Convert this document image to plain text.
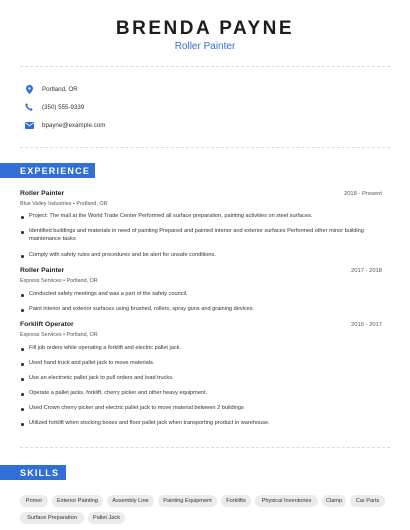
BRENDA PAYNE
Roller Painter
Portland, OR
(350) 555-9339
bpayne@example.com
EXPERIENCE
Roller Painter	2018 - Present
Blue Valley Industries • Portland, OR
Project: The mall at the World Trade Center Performed all surface preparation, painting activities on steel surfaces.
Identified buildings and materials in need of painting Prepared and painted interior and exterior surfaces Performed other minor building maintenance tasks
Comply with safety rules and procedures and be alert for unsafe conditions.
Roller Painter	2017 - 2018
Express Services • Portland, OR
Conducted safety meetings and was a part of the safety council.
Paint interior and exterior surfaces using brushed, rollers, spray guns and graining devices.
Forklift Operator	2015 - 2017
Express Services • Portland, OR
Fill job orders while operating a forklift and electric pallet jack.
Used hand truck and pallet jack to move materials.
Use an electronic pallet jack to pull orders and load trucks.
Operate a pallet jacks, forklift, cherry picker and other heavy equipment.
Used Crown cherry picker and electric pallet jack to move material between 2 buildings
Utilized forklift when stocking boxes and floor pallet jack when transporting product in warehouse.
SKILLS
Primer	Exterior Painting	Assembly Line	Painting Equipment	Forklifts	Physical Inventories	Clamp	Car Parts
Surface Preparation	Pallet Jack
